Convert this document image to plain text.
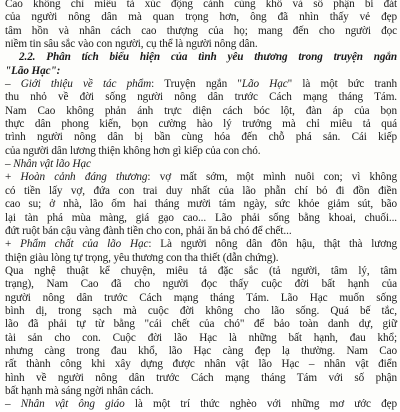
Cao khổng chỉ miêu tả xúc động cảnh cùng khổ và số phận bi đát
của người nông dân mà quan trọng hơn, ông đã nhìn thấy vẻ đẹp
tâm hồn và nhân cách cao thượng của họ; mang đến cho người đọc
niềm tin sâu sắc vào con người, cụ thể là người nông dân.
2.2. Phân tích biểu hiện của tình yêu thương trong truyện ngắn
"Lão Hạc":
– Giới thiệu về tác phẩm: Truyện ngắn "Lão Hạc" là một bức tranh
thu nhỏ về đời sống người nông dân trước Cách mạng tháng Tám.
Nam Cao không phản ánh trực diện cách bóc lột, đàn áp của bọn
thực dân phong kiến, bọn cường hào lý trưởng mà chỉ miêu tả quá
trình người nông dân bị bần cùng hóa đến chỗ phá sản. Cái kiếp
của người dân lương thiện không hơn gì kiếp của con chó.
– Nhân vật lão Hạc
+ Hoàn cảnh đáng thương: vợ mất sớm, một mình nuôi con; vì không
có tiền lấy vợ, đứa con trai duy nhất của lão phẫn chí bỏ đi đồn điền
cao su; ở nhà, lão ốm hai tháng mười tám ngày, sức khỏe giảm sút, bão
lại tàn phá mùa màng, giá gạo cao... Lão phải sống bằng khoai, chuối...
đứt ruột bán cậu vàng đành tiền cho con, phải ăn bả chó để chết...
+ Phẩm chất của lão Hạc: Là người nông dân đôn hậu, thật thà lương
thiện giàu lòng tự trọng, yêu thương con tha thiết (dẫn chứng).
Qua nghệ thuật kể chuyện, miêu tả đặc sắc (tả người, tâm lý, tâm
trạng), Nam Cao đã cho người đọc thấy cuộc đời bất hạnh của
người nông dân trước Cách mạng tháng Tám. Lão Hạc muốn sống
bình dị, trong sạch mà cuộc đời không cho lão sống. Quá bế tắc,
lão đã phải tự từ bằng "cái chết của chó" để bảo toàn danh dự, giữ
tài sản cho con. Cuộc đời lão Hạc là những bất hạnh, đau khổ;
nhưng càng trong đau khổ, lão Hạc càng đẹp lạ thường. Nam Cao
rất thành công khi xây dựng được nhân vật lão Hạc – nhân vật điển
hình về người nông dân trước Cách mạng tháng Tám với số phận
bất hạnh mà sáng ngời nhân cách.
– Nhân vật ông giáo là một trí thức nghèo với những mơ ước đẹp
